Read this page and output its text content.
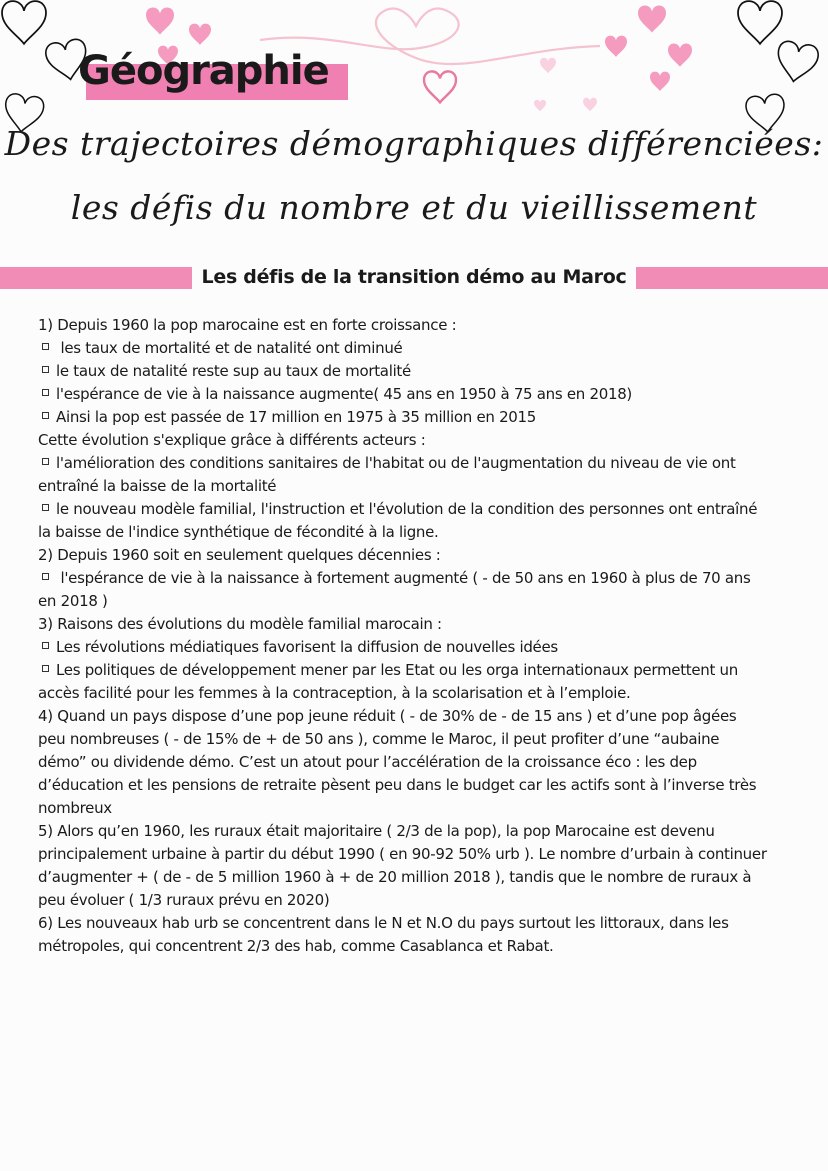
Géographie
Des trajectoires démographiques différenciées:
les défis du nombre et du vieillissement
Les défis de la transition démo au Maroc

1) Depuis 1960 la pop marocaine est en forte croissance :

les taux de mortalité et de natalité ont diminué

le taux de natalité reste sup au taux de mortalité

l'espérance de vie à la naissance augmente( 45 ans en 1950 à 75 ans en 2018)

Ainsi la pop est passée de 17 million en 1975 à 35 million en 2015

Cette évolution s'explique grâce à différents acteurs :

l'amélioration des conditions sanitaires de l'habitat ou de l'augmentation du niveau de vie ont entraîné la baisse de la mortalité

le nouveau modèle familial, l'instruction et l'évolution de la condition des personnes ont entraîné la baisse de l'indice synthétique de fécondité à la ligne.

2) Depuis 1960 soit en seulement quelques décennies :

l'espérance de vie à la naissance à fortement augmenté ( - de 50 ans en 1960 à plus de 70 ans en 2018 )

3) Raisons des évolutions du modèle familial marocain :

Les révolutions médiatiques favorisent la diffusion de nouvelles idées

Les politiques de développement mener par les Etat ou les orga internationaux permettent un accès facilité pour les femmes à la contraception, à la scolarisation et à l’emploie.

4) Quand un pays dispose d’une pop jeune réduit ( - de 30% de - de 15 ans ) et d’une pop âgées peu nombreuses ( - de 15% de + de 50 ans ), comme le Maroc, il peut profiter d’une “aubaine démo” ou dividende démo. C’est un atout pour l’accélération de la croissance éco : les dep d’éducation et les pensions de retraite pèsent peu dans le budget car les actifs sont à l’inverse très nombreux

5) Alors qu’en 1960, les ruraux était majoritaire ( 2/3 de la pop), la pop Marocaine est devenu principalement urbaine à partir du début 1990 ( en 90-92 50% urb ). Le nombre d’urbain à continuer d’augmenter + ( de - de 5 million 1960 à + de 20 million 2018 ), tandis que le nombre de ruraux à peu évoluer ( 1/3 ruraux prévu en 2020)

6) Les nouveaux hab urb se concentrent dans le N et N.O du pays surtout les littoraux, dans les métropoles, qui concentrent 2/3 des hab, comme Casablanca et Rabat.
